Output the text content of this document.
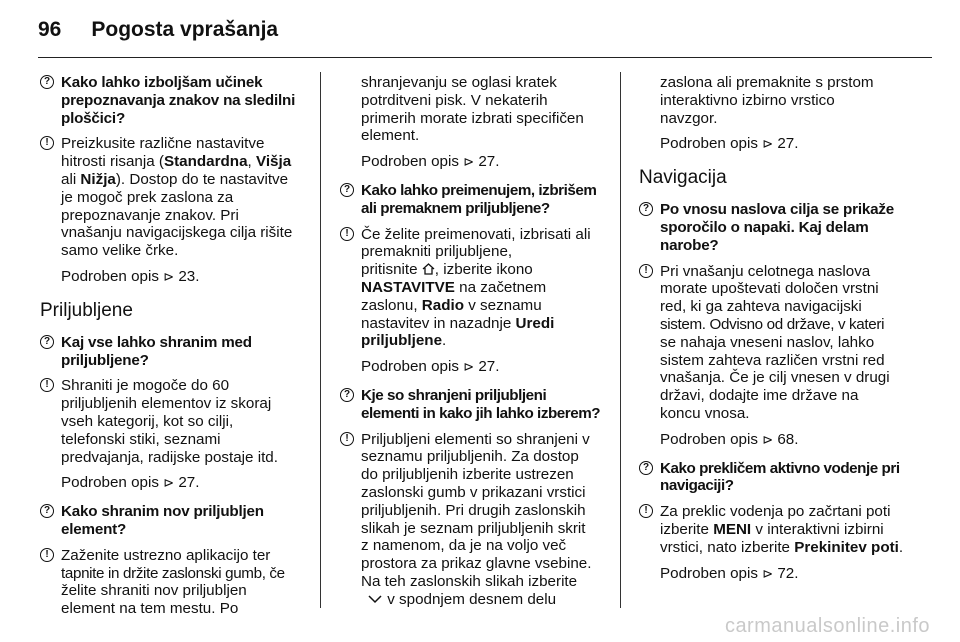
96 Pogosta vprašanja
? Kako lahko izboljšam učinek
prepoznavanja znakov na sledilni
ploščici?
! Preizkusite različne nastavitve
hitrosti risanja (Standardna, Višja
ali Nižja). Dostop do te nastavitve
je mogoč prek zaslona za
prepoznavanje znakov. Pri
vnašanju navigacijskega cilja rišite
samo velike črke.
Podroben opis ⊳ 23.
Priljubljene
? Kaj vse lahko shranim med
priljubljene?
! Shraniti je mogoče do 60
priljubljenih elementov iz skoraj
vseh kategorij, kot so cilji,
telefonski stiki, seznami
predvajanja, radijske postaje itd.
Podroben opis ⊳ 27.
? Kako shranim nov priljubljen
element?
! Zaženite ustrezno aplikacijo ter
tapnite in držite zaslonski gumb, če
želite shraniti nov priljubljen
element na tem mestu. Po
shranjevanju se oglasi kratek
potrditveni pisk. V nekaterih
primerih morate izbrati specifičen
element.
Podroben opis ⊳ 27.
? Kako lahko preimenujem, izbrišem
ali premaknem priljubljene?
! Če želite preimenovati, izbrisati ali
premakniti priljubljene,
pritisnite , izberite ikono
NASTAVITVE na začetnem
zaslonu, Radio v seznamu
nastavitev in nazadnje Uredi
priljubljene.
Podroben opis ⊳ 27.
? Kje so shranjeni priljubljeni
elementi in kako jih lahko izberem?
! Priljubljeni elementi so shranjeni v
seznamu priljubljenih. Za dostop
do priljubljenih izberite ustrezen
zaslonski gumb v prikazani vrstici
priljubljenih. Pri drugih zaslonskih
slikah je seznam priljubljenih skrit
z namenom, da je na voljo več
prostora za prikaz glavne vsebine.
Na teh zaslonskih slikah izberite
v spodnjem desnem delu
zaslona ali premaknite s prstom
interaktivno izbirno vrstico
navzgor.
Podroben opis ⊳ 27.
Navigacija
? Po vnosu naslova cilja se prikaže
sporočilo o napaki. Kaj delam
narobe?
! Pri vnašanju celotnega naslova
morate upoštevati določen vrstni
red, ki ga zahteva navigacijski
sistem. Odvisno od države, v kateri
se nahaja vneseni naslov, lahko
sistem zahteva različen vrstni red
vnašanja. Če je cilj vnesen v drugi
državi, dodajte ime države na
koncu vnosa.
Podroben opis ⊳ 68.
? Kako prekličem aktivno vodenje pri
navigaciji?
! Za preklic vodenja po začrtani poti
izberite MENI v interaktivni izbirni
vrstici, nato izberite Prekinitev poti.
Podroben opis ⊳ 72.
carmanualsonline.info
